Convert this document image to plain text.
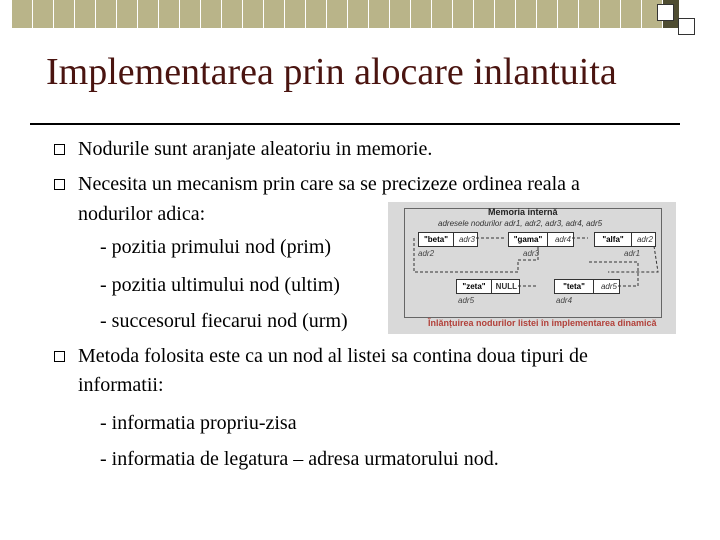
Implementarea prin alocare inlantuita
Nodurile sunt aranjate aleatoriu in memorie.
Necesita un mecanism prin care sa se precizeze ordinea reala a
nodurilor adica:
- pozitia primului nod (prim)
- pozitia ultimului nod (ultim)
- succesorul fiecarui nod (urm)
Metoda folosita este ca un nod al listei sa contina doua tipuri de
informatii:
- informatia propriu-zisa
- informatia de legatura – adresa urmatorului nod.
Memoria internă
adresele nodurilor adr1, adr2, adr3, adr4, adr5
"beta"	adr3
adr2
"gama"	adr4
adr3
"alfa"	adr2
adr1
"zeta"	NULL
adr5
"teta"	adr5
adr4
Înlănțuirea nodurilor listei în implementarea dinamică
